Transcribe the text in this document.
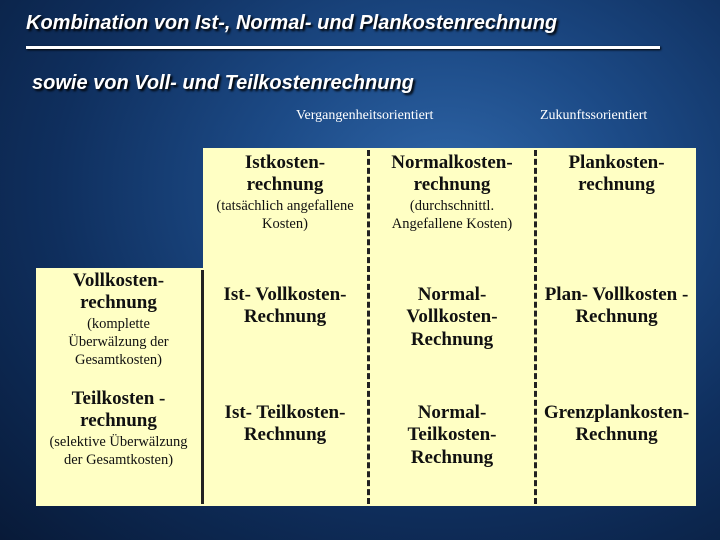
Kombination von Ist-, Normal- und Plankostenrechnung
sowie von Voll- und Teilkostenrechnung
Vergangenheitsorientiert	Zukunftssorientiert
Istkosten-
rechnung
(tatsächlich angefallene
Kosten)
Normalkosten-
rechnung
(durchschnittl.
Angefallene Kosten)
Plankosten-
rechnung
Vollkosten-
rechnung
(komplette
Überwälzung der
Gesamtkosten)
Teilkosten -
rechnung
(selektive Überwälzung
der Gesamtkosten)
Ist- Vollkosten-
Rechnung
Normal-
Vollkosten-
Rechnung
Plan- Vollkosten -
Rechnung
Ist- Teilkosten-
Rechnung
Normal-
Teilkosten-
Rechnung
Grenzplankosten-
Rechnung
